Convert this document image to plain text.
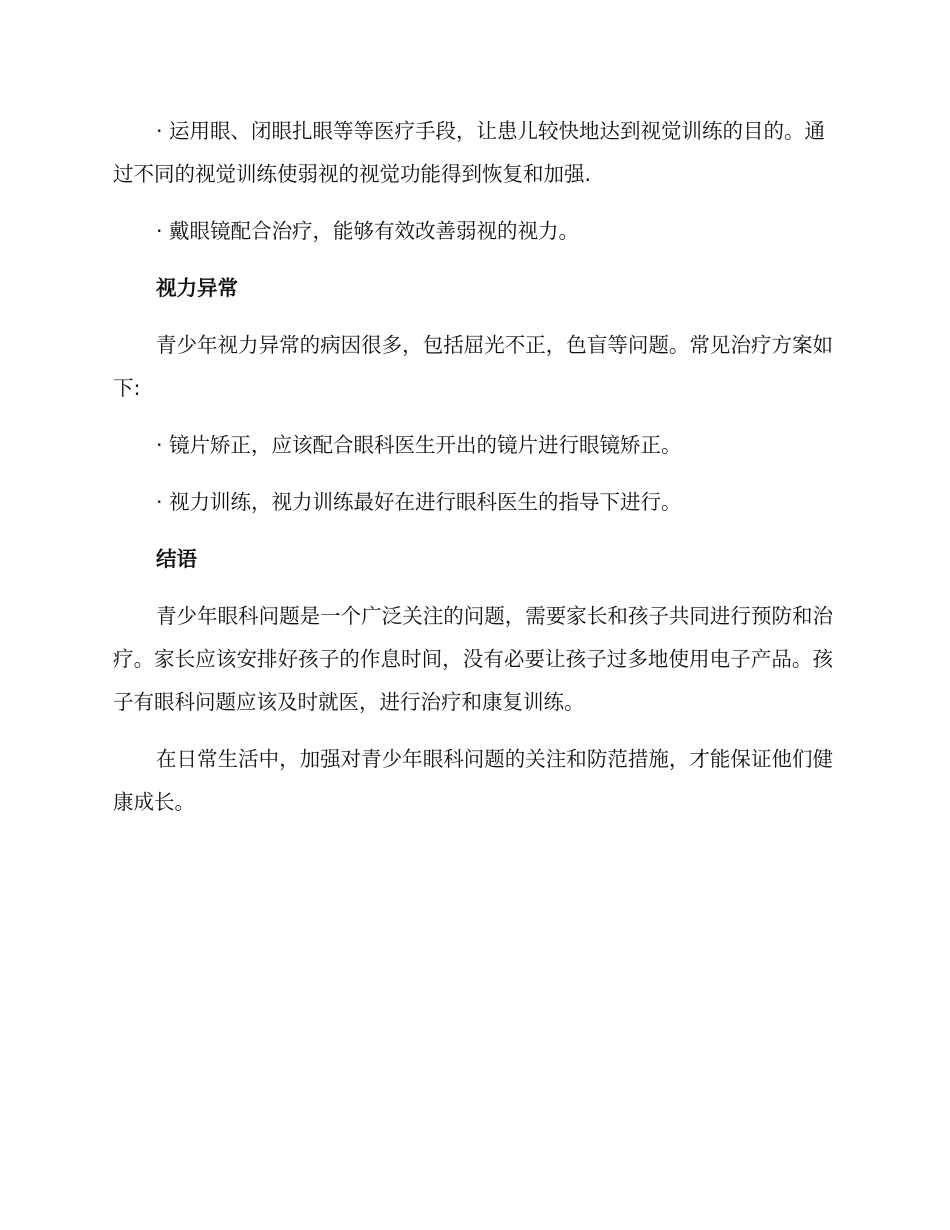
· 运用眼、闭眼扎眼等等医疗手段，让患儿较快地达到视觉训练的目的。通过不同的视觉训练使弱视的视觉功能得到恢复和加强.

· 戴眼镜配合治疗，能够有效改善弱视的视力。

视力异常

青少年视力异常的病因很多，包括屈光不正，色盲等问题。常见治疗方案如下:

· 镜片矫正，应该配合眼科医生开出的镜片进行眼镜矫正。

· 视力训练，视力训练最好在进行眼科医生的指导下进行。

结语

青少年眼科问题是一个广泛关注的问题，需要家长和孩子共同进行预防和治疗。家长应该安排好孩子的作息时间，没有必要让孩子过多地使用电子产品。孩子有眼科问题应该及时就医，进行治疗和康复训练。

在日常生活中，加强对青少年眼科问题的关注和防范措施，才能保证他们健康成长。
